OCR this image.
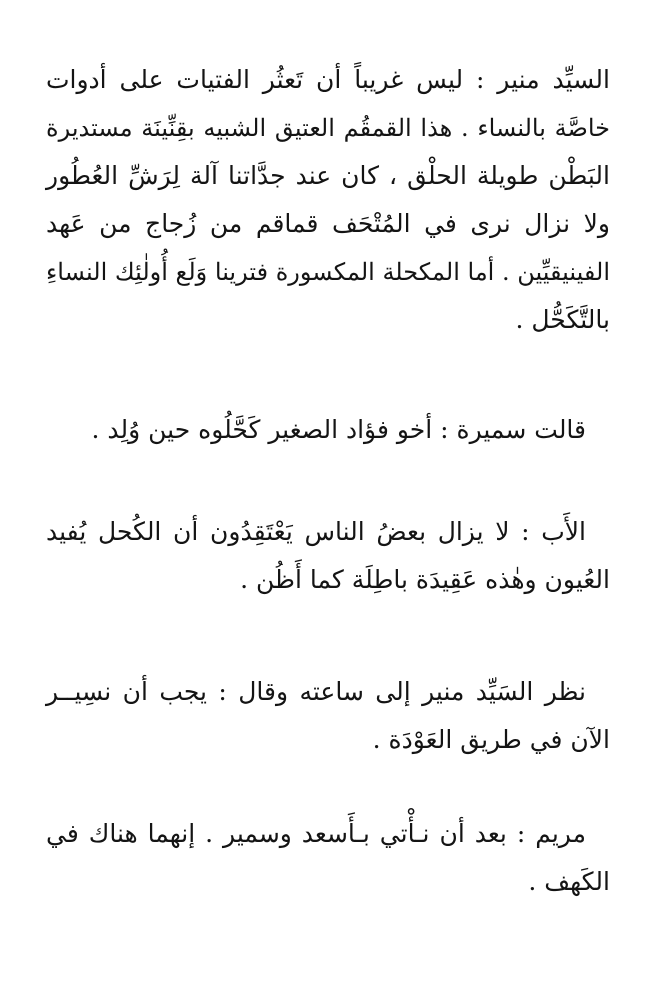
السيِّد منير : ليس غريباً أن تَعثُر الفتيات على أدوات
خاصَّة بالنساء . هذا القمقُم العتيق الشبيه بقِنِّينَة مستديرة
البَطْن طويلة الحلْق ، كان عند جدَّاتنا آلة لِرَشِّ العُطُور
ولا نزال نرى في المُتْحَف قماقم من زُجاج من عَهد
الفينيقيِّين . أما المكحلة المكسورة فترينا وَلَع أُولٰئِك النساءِ
بالتَّكَحُّل .
قالت سميرة : أخو فؤاد الصغير كَحَّلُوه حين وُلِد .
الأَب : لا يزال بعضُ الناس يَعْتَقِدُون أن الكُحل يُفيد
العُيون وهٰذه عَقِيدَة باطِلَة كما أَظُن .
نظر السَيِّد منير إلى ساعته وقال : يجب أن نسِيــر
الآن في طريق العَوْدَة .
مريم : بعد أن نـأْتي بـأَسعد وسمير . إنهما هناك في
الكَهف .
